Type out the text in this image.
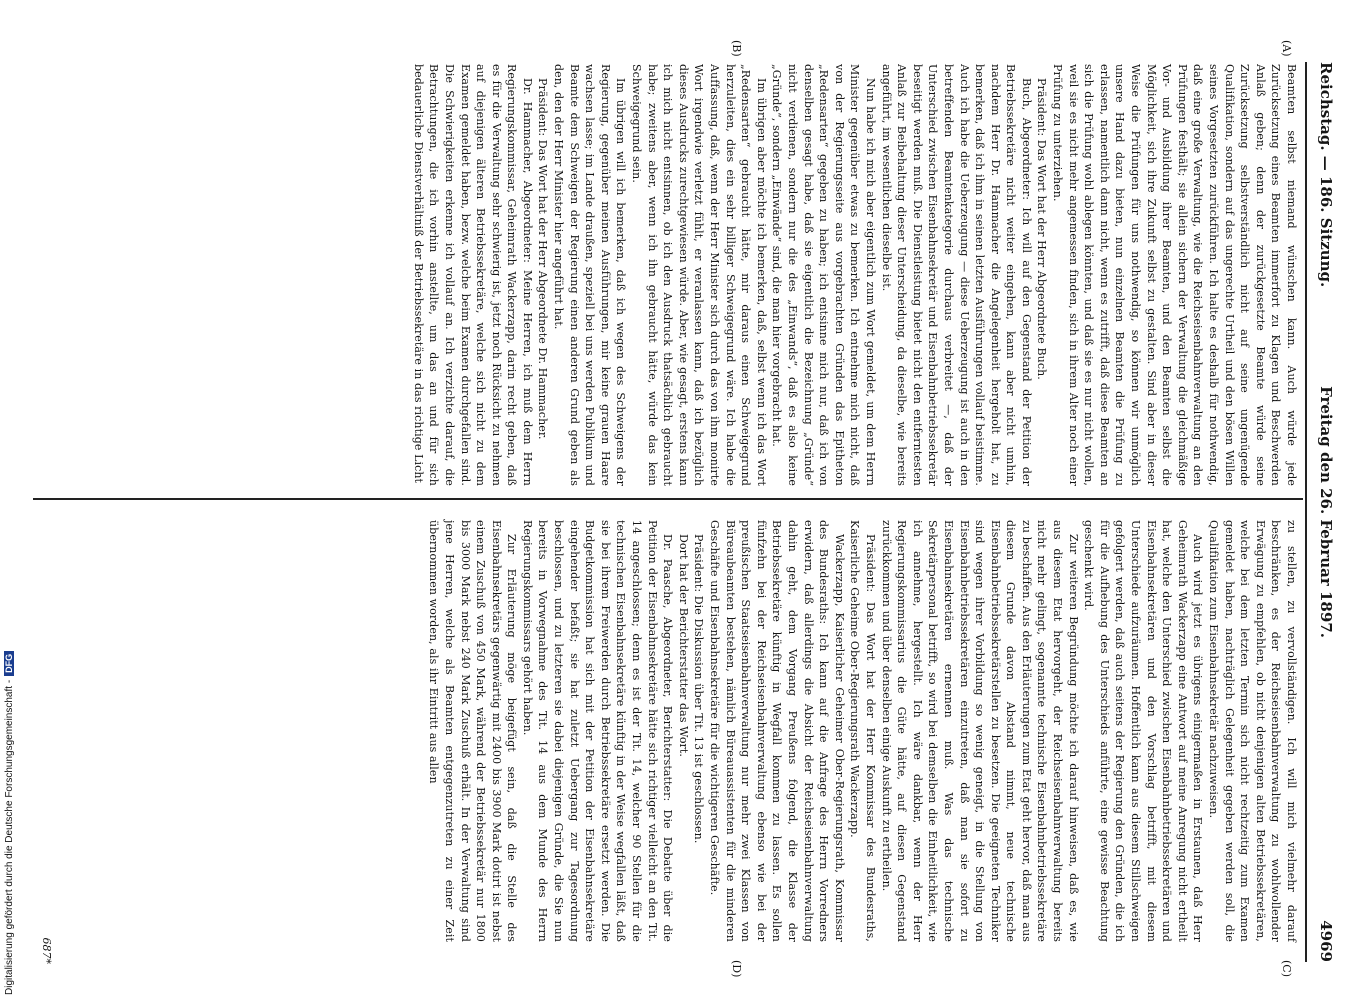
Reichstag. — 186. Sitzung.
Freitag den 26. Februar 1897.
4969
(A)
(B)
(C)
(D)

Beamten selbst niemand wünschen kann. Auch würde jede Zurücksetzung eines Beamten immerfort zu Klagen und Beschwerden Anlaß geben; denn der zurückgesetzte Beamte würde seine Zurücksetzung selbstverständlich nicht auf seine ungenügende Qualifikation, sondern auf das ungerechte Urtheil und den bösen Willen seines Vorgesetzten zurückführen. Ich halte es deshalb für nothwendig, daß eine große Verwaltung, wie die Reichseisenbahnverwaltung an den Prüfungen festhält; sie allein sichern der Verwaltung die gleichmäßige Vor- und Ausbildung ihrer Beamten, und den Beamten selbst die Möglichkeit, sich ihre Zukunft selbst zu gestalten. Sind aber in dieser Weise die Prüfungen für uns nothwendig, so können wir unmöglich unsere Hand dazu bieten, nun einzelnen Beamten die Prüfung zu erlassen, namentlich dann nicht, wenn es zutrifft, daß diese Beamten an sich die Prüfung wohl ablegen könnten, und daß sie es nur nicht wollen, weil sie es nicht mehr angemessen finden, sich in ihrem Alter noch einer Prüfung zu unterziehen.

Präsident: Das Wort hat der Herr Abgeordnete Buch.

Buch, Abgeordneter: Ich will auf den Gegenstand der Petition der Betriebssekretäre nicht weiter eingehen, kann aber nicht umhin, nachdem Herr Dr. Hammacher die Angelegenheit hergeholt hat, zu bemerken, daß ich ihm in seinen letzten Ausführungen vollauf beistimme. Auch ich habe die Ueberzeugung — diese Ueberzeugung ist auch in den betreffenden Beamtenkategorie durchaus verbreitet —, daß der Unterschied zwischen Eisenbahnsekretär und Eisenbahnbetriebssekretär beseitigt werden muß. Die Dienstleistung bietet nicht den entferntesten Anlaß zur Beibehaltung dieser Unterscheidung, da dieselbe, wie bereits angeführt, im wesentlichen dieselbe ist.

Nun habe ich mich aber eigentlich zum Wort gemeldet, um dem Herrn Minister gegenüber etwas zu bemerken. Ich entnehme mich nicht, daß von der Regierungsseite aus vorgebrachten Gründen das Epitheton „Redensarten“ gegeben zu haben; ich entsinne mich nur, daß ich von denselben gesagt habe, daß sie eigentlich die Bezeichnung „Gründe“ nicht verdienen, sondern nur die des „Einwands“, daß es also keine „Gründe“, sondern „Einwände“ sind, die man hier vorgebracht hat.

Im übrigen aber möchte ich bemerken, daß, selbst wenn ich das Wort „Redensarten“ gebraucht hätte, mir daraus einen Schweigegrund herzuleiten, dies ein sehr billiger Schweigegrund wäre. Ich habe die Auffassung, daß, wenn der Herr Minister sich durch das von ihm monirte Wort irgendwie verletzt fühlt, er veranlassen kann, daß ich bezüglich dieses Ausdrucks zurechtgewiesen würde. Aber, wie gesagt, erstens kann ich mich nicht entsinnen, ob ich den Ausdruck thatsächlich gebraucht habe; zweitens aber, wenn ich ihn gebraucht hätte, würde das kein Schweigegrund sein.

Im übrigen will ich bemerken, daß ich wegen des Schweigens der Regierung, gegenüber meinen Ausführungen, mir keine grauen Haare wachsen lasse; im Lande draußen, speziell bei uns werden Publikum und Beamte dem Schweigen der Regierung einen anderen Grund geben als den, den der Herr Minister hier angeführt hat.

Präsident: Das Wort hat der Herr Abgeordnete Dr. Hammacher.

Dr. Hammacher, Abgeordneter: Meine Herren, ich muß dem Herrn Regierungskommissar, Geheimrath Wackerzapp, darin recht geben, daß es für die Verwaltung sehr schwierig ist, jetzt noch Rücksicht zu nehmen auf diejenigen älteren Betriebssekretäre, welche sich nicht zu dem Examen gemeldet haben, bezw. welche beim Examen durchgefallen sind. Die Schwierigkeiten erkenne ich vollauf an. Ich verzichte darauf, die Betrachtungen, die ich vorhin anstellte, um das an und für sich bedauerliche Dienstverhältniß der Betriebssekretäre in das richtige Licht

zu stellen, zu vervollständigen. Ich will mich vielmehr darauf beschränken, es der Reichseisenbahnverwaltung zu wohlwollender Erwägung zu empfehlen, ob nicht denjenigen alten Betriebssekretären, welche bei dem letzten Termin sich nicht rechtzeitig zum Examen gemeldet haben, nachträglich Gelegenheit gegeben werden soll, die Qualifikation zum Eisenbahnsekretär nachzuweisen.

Auch wird jetzt es übrigens einigermaßen in Erstaunen, daß Herr Geheimrath Wackerzapp eine Antwort auf meine Anregung nicht ertheilt hat, welche den Unterschied zwischen Eisenbahnbetriebssekretären und Eisenbahnsekretären und den Vorschlag betrifft, mit diesem Unterschiede aufzuräumen. Hoffentlich kann aus diesem Stillschweigen gefolgert werden, daß auch seitens der Regierung den Gründen, die ich für die Aufhebung des Unterschieds anführte, eine gewisse Beachtung geschenkt wird.

Zur weiteren Begründung möchte ich darauf hinweisen, daß es, wie aus diesem Etat hervorgeht, der Reichseisenbahnverwaltung bereits nicht mehr gelingt, sogenannte technische Eisenbahnbetriebssekretäre zu beschaffen. Aus den Erläuterungen zum Etat geht hervor, daß man aus diesem Grunde davon Abstand nimmt, neue technische Eisenbahnbetriebssekretärstellen zu besetzen. Die geeigneten Techniker sind wegen ihrer Vorbildung so wenig geneigt, in die Stellung von Eisenbahnbetriebssekretären einzutreten, daß man sie sofort zu Eisenbahnsekretären ernennen muß. Was das technische Sekretärpersonal betrifft, so wird bei demselben die Einheitlichkeit, wie ich annehme, hergestellt. Ich wäre dankbar, wenn der Herr Regierungskommissarius die Güte hätte, auf diesen Gegenstand zurückkommen und über denselben einige Auskunft zu ertheilen.

Präsident: Das Wort hat der Herr Kommissar des Bundesraths, Kaiserliche Geheime Ober-Regierungsrath Wackerzapp.

Wackerzapp, Kaiserlicher Geheimer Ober-Regierungsrath, Kommissar des Bundesraths: Ich kann auf die Anfrage des Herrn Vorredners erwidern, daß allerdings die Absicht der Reichseisenbahnverwaltung dahin geht, dem Vorgang Preußens folgend, die Klasse der Betriebssekretäre künftig in Wegfall kommen zu lassen. Es sollen fünfzehn bei der Reichseisenbahnverwaltung ebenso wie bei der preußischen Staatseisenbahnverwaltung nur mehr zwei Klassen von Büreaubeamten bestehen, nämlich Büreauassistenten für die minderen Geschäfte und Eisenbahnsekretäre für die wichtigeren Geschäfte.

Präsident: Die Diskussion über Tit. 13 ist geschlossen.

Dort hat der Berichterstatter das Wort.

Dr. Paasche, Abgeordneter, Berichterstatter: Die Debatte über die Petition der Eisenbahnsekretäre hätte sich richtiger vielleicht an den Tit. 14 angeschlossen; denn es ist der Tit. 14, welcher 90 Stellen für die technischen Eisenbahnsekretäre künftig in der Weise wegfallen läßt, daß sie bei ihrem Freiwerden durch Betriebssekretäre ersetzt werden. Die Budgetkommission hat sich mit der Petition der Eisenbahnsekretäre eingehender befaßt; sie hat zuletzt Uebergang zur Tagesordnung beschlossen, und zu letzteren sie dabei diejenigen Gründe, die Sie nun bereits in Vorwegnahme des Tit. 14 aus dem Munde des Herrn Regierungskommissars gehört haben.

Zur Erläuterung möge beigefügt sein, daß die Stelle des Eisenbahnsekretärs gegenwärtig mit 2400 bis 3900 Mark dotirt ist nebst einem Zuschuß von 450 Mark, während der Betriebssekretär nur 1800 bis 3000 Mark nebst 240 Mark Zuschuß erhält. In der Verwaltung sind jene Herren, welche als Beamten entgegenzutreten zu einer Zeit übernommen worden, als ihr Eintritt aus allen

687*
Digitalisierung gefördert durch die Deutsche Forschungsgemeinschaft -DFG
